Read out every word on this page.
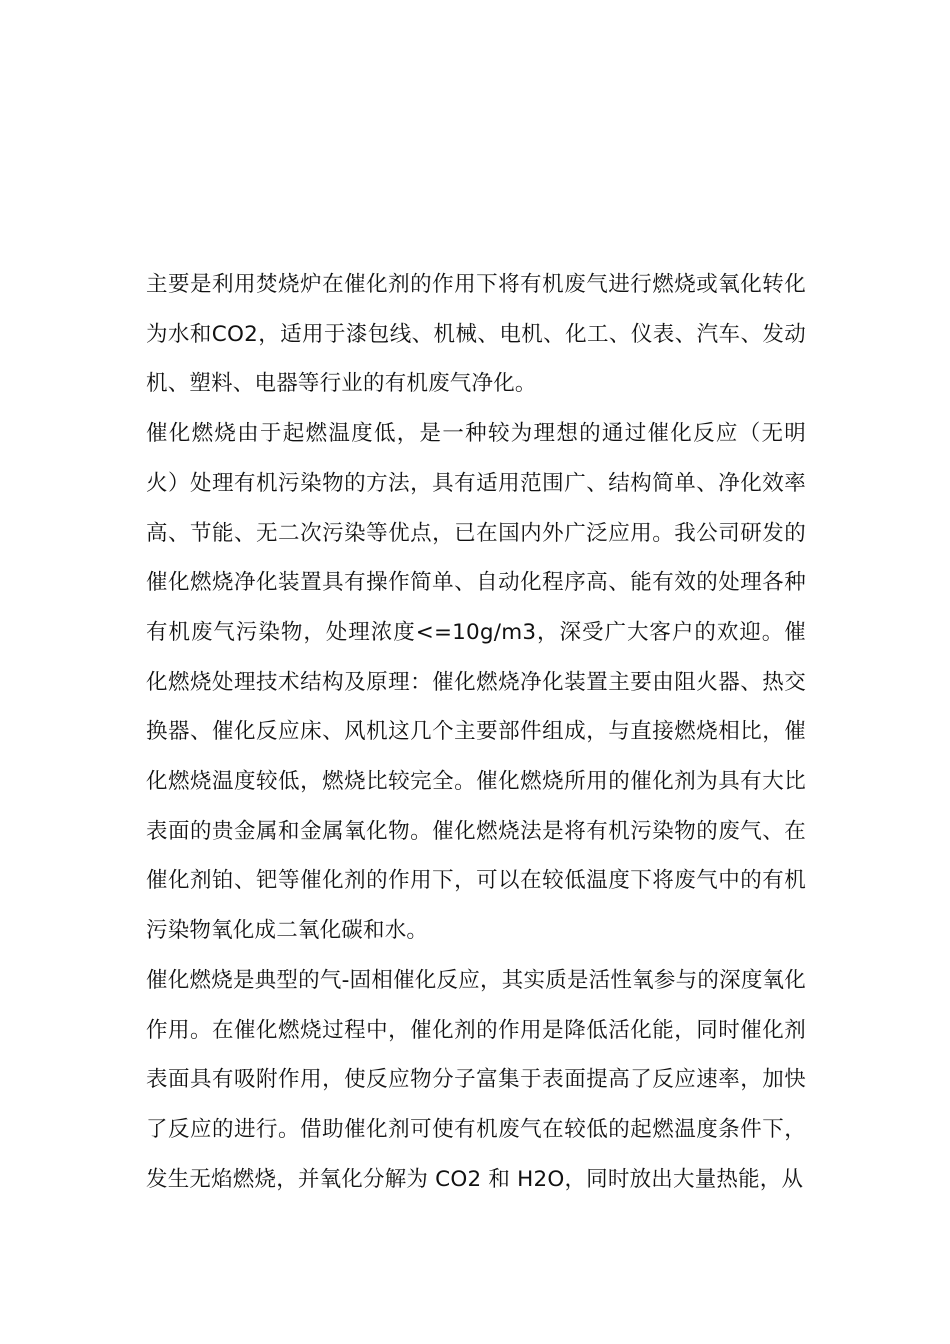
主要是利用焚烧炉在催化剂的作用下将有机废气进行燃烧或氧化转化为水和CO2，适用于漆包线、机械、电机、化工、仪表、汽车、发动机、塑料、电器等行业的有机废气净化。

催化燃烧由于起燃温度低，是一种较为理想的通过催化反应（无明火）处理有机污染物的方法，具有适用范围广、结构简单、净化效率高、节能、无二次污染等优点，已在国内外广泛应用。我公司研发的催化燃烧净化装置具有操作简单、自动化程序高、能有效的处理各种有机废气污染物，处理浓度<=10g/m3，深受广大客户的欢迎。催化燃烧处理技术结构及原理：催化燃烧净化装置主要由阻火器、热交换器、催化反应床、风机这几个主要部件组成，与直接燃烧相比，催化燃烧温度较低，燃烧比较完全。催化燃烧所用的催化剂为具有大比表面的贵金属和金属氧化物。催化燃烧法是将有机污染物的废气、在催化剂铂、钯等催化剂的作用下，可以在较低温度下将废气中的有机污染物氧化成二氧化碳和水。

催化燃烧是典型的气-固相催化反应，其实质是活性氧参与的深度氧化作用。在催化燃烧过程中，催化剂的作用是降低活化能，同时催化剂表面具有吸附作用，使反应物分子富集于表面提高了反应速率，加快了反应的进行。借助催化剂可使有机废气在较低的起燃温度条件下，发生无焰燃烧，并氧化分解为 CO2 和 H2O，同时放出大量热能，从
